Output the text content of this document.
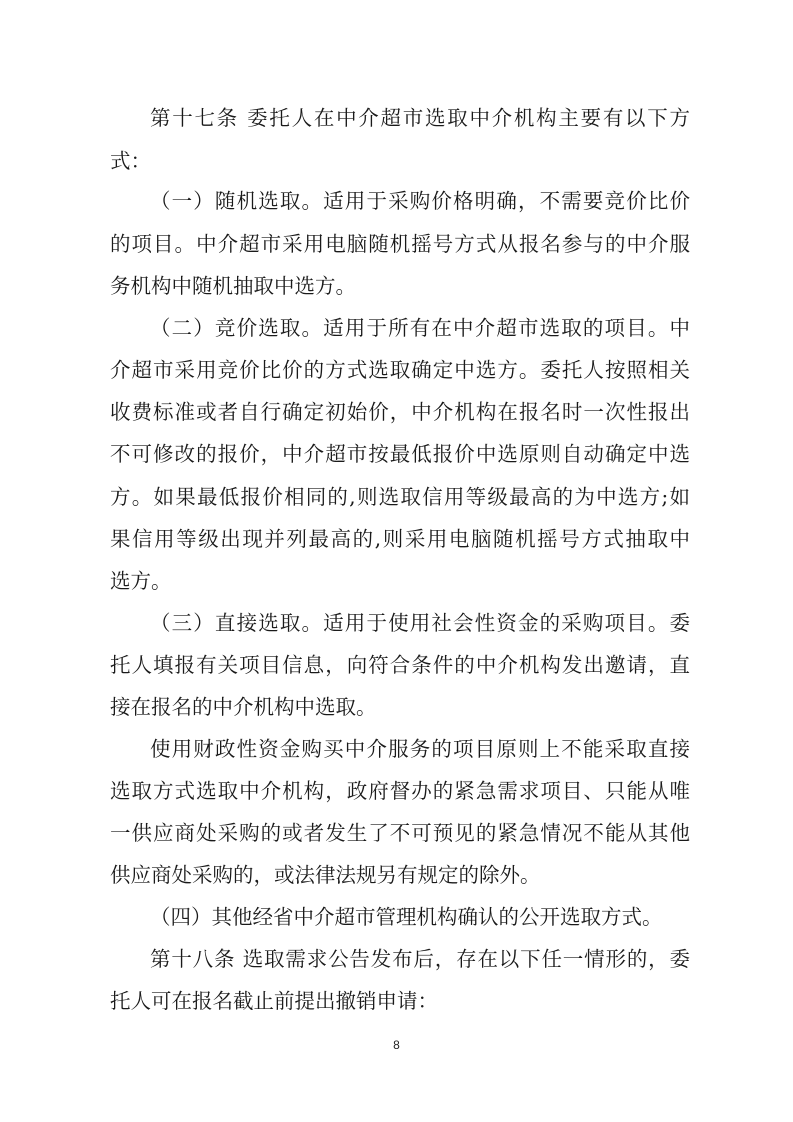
第十七条 委托人在中介超市选取中介机构主要有以下方
式：
（一）随机选取。适用于采购价格明确，不需要竞价比价
的项目。中介超市采用电脑随机摇号方式从报名参与的中介服
务机构中随机抽取中选方。
（二）竞价选取。适用于所有在中介超市选取的项目。中
介超市采用竞价比价的方式选取确定中选方。委托人按照相关
收费标准或者自行确定初始价，中介机构在报名时一次性报出
不可修改的报价，中介超市按最低报价中选原则自动确定中选
方。如果最低报价相同的,则选取信用等级最高的为中选方;如
果信用等级出现并列最高的,则采用电脑随机摇号方式抽取中
选方。
（三）直接选取。适用于使用社会性资金的采购项目。委
托人填报有关项目信息，向符合条件的中介机构发出邀请，直
接在报名的中介机构中选取。
使用财政性资金购买中介服务的项目原则上不能采取直接
选取方式选取中介机构，政府督办的紧急需求项目、只能从唯
一供应商处采购的或者发生了不可预见的紧急情况不能从其他
供应商处采购的，或法律法规另有规定的除外。
（四）其他经省中介超市管理机构确认的公开选取方式。
第十八条 选取需求公告发布后，存在以下任一情形的，委
托人可在报名截止前提出撤销申请：
8
